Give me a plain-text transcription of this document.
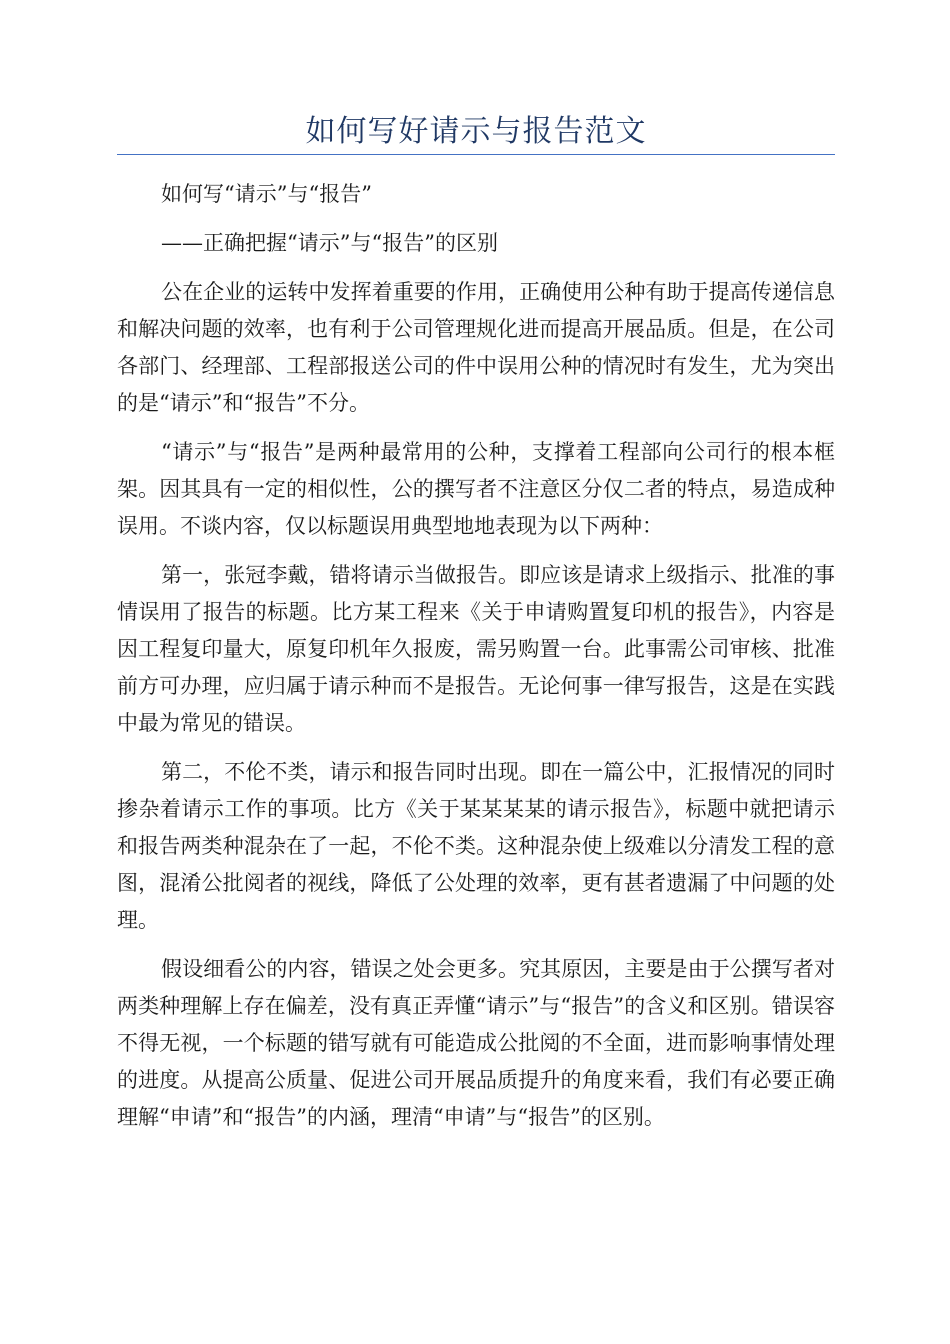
如何写好请示与报告范文

如何写“请示”与“报告”

——正确把握“请示”与“报告”的区别

公在企业的运转中发挥着重要的作用，正确使用公种有助于提高传递信息和解决问题的效率，也有利于公司管理规化进而提高开展品质。但是，在公司各部门、经理部、工程部报送公司的件中误用公种的情况时有发生，尤为突出的是“请示”和“报告”不分。

“请示”与“报告”是两种最常用的公种，支撑着工程部向公司行的根本框架。因其具有一定的相似性，公的撰写者不注意区分仅二者的特点，易造成种误用。不谈内容，仅以标题误用典型地地表现为以下两种：

第一，张冠李戴，错将请示当做报告。即应该是请求上级指示、批准的事情误用了报告的标题。比方某工程来《关于申请购置复印机的报告》，内容是因工程复印量大，原复印机年久报废，需另购置一台。此事需公司审核、批准前方可办理，应归属于请示种而不是报告。无论何事一律写报告，这是在实践中最为常见的错误。

第二，不伦不类，请示和报告同时出现。即在一篇公中，汇报情况的同时掺杂着请示工作的事项。比方《关于某某某某的请示报告》，标题中就把请示和报告两类种混杂在了一起，不伦不类。这种混杂使上级难以分清发工程的意图，混淆公批阅者的视线，降低了公处理的效率，更有甚者遗漏了中问题的处理。

假设细看公的内容，错误之处会更多。究其原因，主要是由于公撰写者对两类种理解上存在偏差，没有真正弄懂“请示”与“报告”的含义和区别。错误容不得无视，一个标题的错写就有可能造成公批阅的不全面，进而影响事情处理的进度。从提高公质量、促进公司开展品质提升的角度来看，我们有必要正确理解“申请”和“报告”的内涵，理清“申请”与“报告”的区别。
